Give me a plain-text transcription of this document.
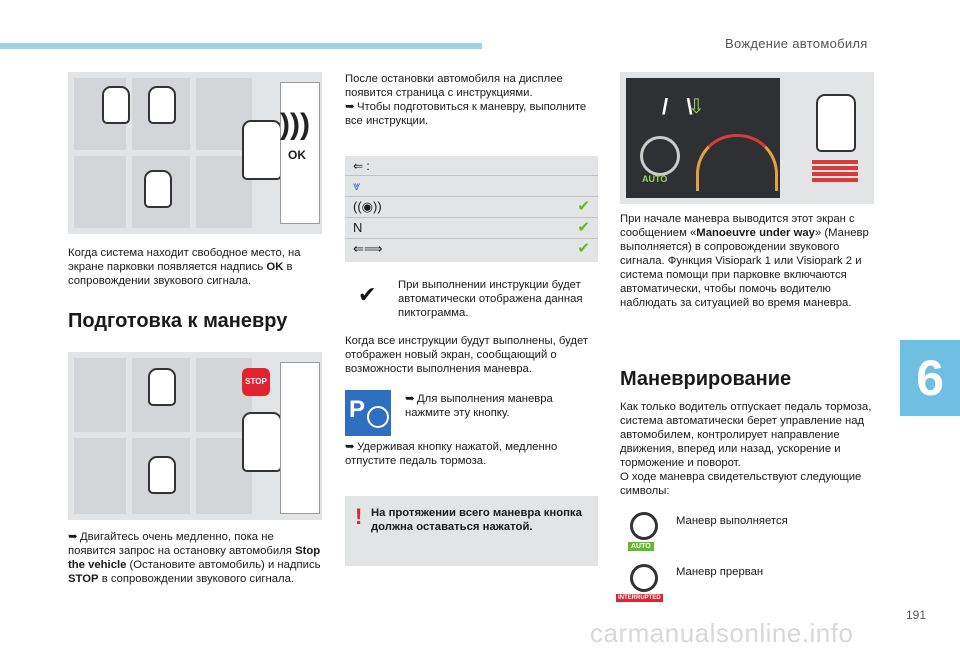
Вождение автомобиля
6
191
)))
OK
Когда система находит свободное место, на экране парковки появляется надпись OK в сопровождении звукового сигнала.
Подготовка к маневру
STOP
➥ Двигайтесь очень медленно, пока не появится запрос на остановку автомобиля Stop the vehicle (Остановите автомобиль) и надпись STOP в сопровождении звукового сигнала.
После остановки автомобиля на дисплее появится страница с инструкциями.
➥ Чтобы подготовиться к маневру, выполните все инструкции.
⇐ :
⩔
((◉))	✔
N	✔
⇐⟹	✔
✔ При выполнении инструкции будет автоматически отображена данная пиктограмма.
Когда все инструкции будут выполнены, будет отображен новый экран, сообщающий о возможности выполнения маневра.
P	➥ Для выполнения маневра нажмите эту кнопку.
➥ Удерживая кнопку нажатой, медленно отпустите педаль тормоза.
! На протяжении всего маневра кнопка должна оставаться нажатой.
/   \
⇩
AUTO
При начале маневра выводится этот экран с сообщением «Manoeuvre under way» (Маневр выполняется) в сопровождении звукового сигнала. Функция Visiopark 1 или Visiopark 2 и система помощи при парковке включаются автоматически, чтобы помочь водителю наблюдать за ситуацией во время маневра.
Маневрирование
Как только водитель отпускает педаль тормоза, система автоматически берет управление над автомобилем, контролирует направление движения, вперед или назад, ускорение и торможение и поворот.
О ходе маневра свидетельствуют следующие символы:
AUTO
Маневр выполняется
INTERRUPTED
Маневр прерван
carmanualsonline.info
